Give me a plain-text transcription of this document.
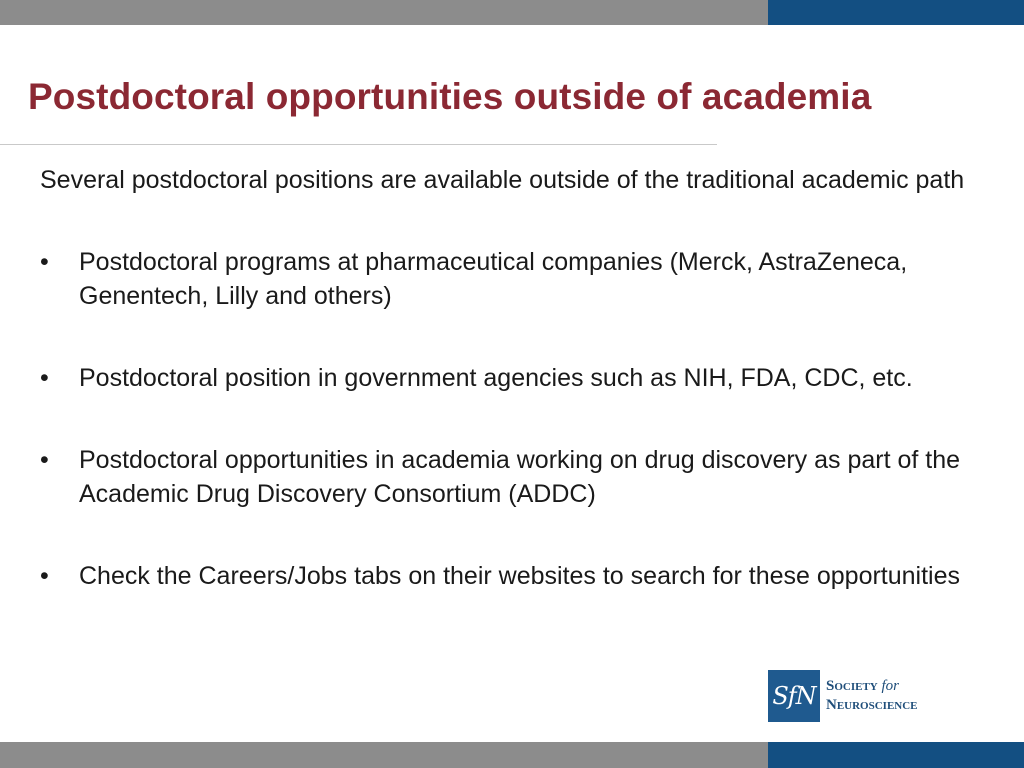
Postdoctoral opportunities outside of academia

Several postdoctoral positions are available outside of the traditional academic path

• Postdoctoral programs at pharmaceutical companies (Merck, AstraZeneca, Genentech, Lilly and others)
• Postdoctoral position in government agencies such as NIH, FDA, CDC, etc.
• Postdoctoral opportunities in academia working on drug discovery as part of the Academic Drug Discovery Consortium (ADDC)
• Check the Careers/Jobs tabs on their websites to search for these opportunities
SfN Society for
Neuroscience
